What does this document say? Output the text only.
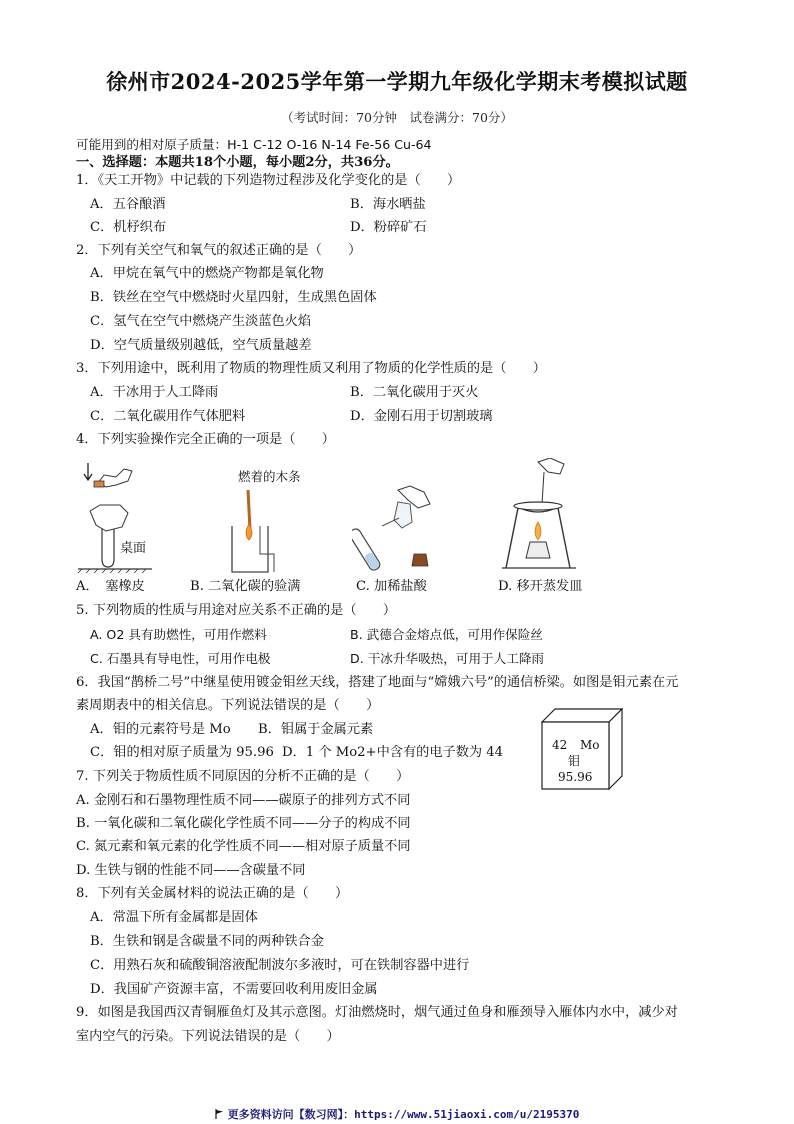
徐州市2024-2025学年第一学期九年级化学期末考模拟试题
（考试时间：70分钟　试卷满分：70分）
可能用到的相对原子质量：H-1 C-12 O-16 N-14 Fe-56 Cu-64
一、选择题：本题共18个小题，每小题2分，共36分。
1．《天工开物》中记载的下列造物过程涉及化学变化的是（　　）
A．五谷酿酒	B．海水晒盐
C．机杼织布	D．粉碎矿石
2．下列有关空气和氧气的叙述正确的是（　　）
A．甲烷在氧气中的燃烧产物都是氧化物
B．铁丝在空气中燃烧时火星四射，生成黑色固体
C．氢气在空气中燃烧产生淡蓝色火焰
D．空气质量级别越低，空气质量越差
3．下列用途中，既利用了物质的物理性质又利用了物质的化学性质的是（　　）
A．干冰用于人工降雨	B．二氧化碳用于灭火
C．二氧化碳用作气体肥料	D．金刚石用于切割玻璃
4．下列实验操作完全正确的一项是（　　）
桌面
燃着的木条
A．　塞橡皮	B. 二氧化碳的验满	C. 加稀盐酸	D. 移开蒸发皿
5. 下列物质的性质与用途对应关系不正确的是（　　）
A. O2 具有助燃性，可用作燃料	B. 武德合金熔点低，可用作保险丝
C. 石墨具有导电性，可用作电极	D. 干冰升华吸热，可用于人工降雨
6．我国“鹊桥二号”中继星使用镀金钼丝天线，搭建了地面与“嫦娥六号”的通信桥梁。如图是钼元素在元
素周期表中的相关信息。下列说法错误的是（　　）
A．钼的元素符号是 Mo B．钼属于金属元素
C．钼的相对原子质量为 95.96 D．1 个 Mo2+中含有的电子数为 44	42 Mo
钼
95.96
7. 下列关于物质性质不同原因的分析不正确的是（　　）
A. 金刚石和石墨物理性质不同——碳原子的排列方式不同
B. 一氧化碳和二氧化碳化学性质不同——分子的构成不同
C. 氮元素和氧元素的化学性质不同——相对原子质量不同
D. 生铁与钢的性能不同——含碳量不同
8．下列有关金属材料的说法正确的是（　　）
A．常温下所有金属都是固体
B．生铁和钢是含碳量不同的两种铁合金
C．用熟石灰和硫酸铜溶液配制波尔多液时，可在铁制容器中进行
D．我国矿产资源丰富，不需要回收利用废旧金属
9．如图是我国西汉青铜雁鱼灯及其示意图。灯油燃烧时，烟气通过鱼身和雁颈导入雁体内水中，减少对
室内空气的污染。下列说法错误的是（　　）
更多资料访问【数习网】：https://www.51jiaoxi.com/u/2195370
